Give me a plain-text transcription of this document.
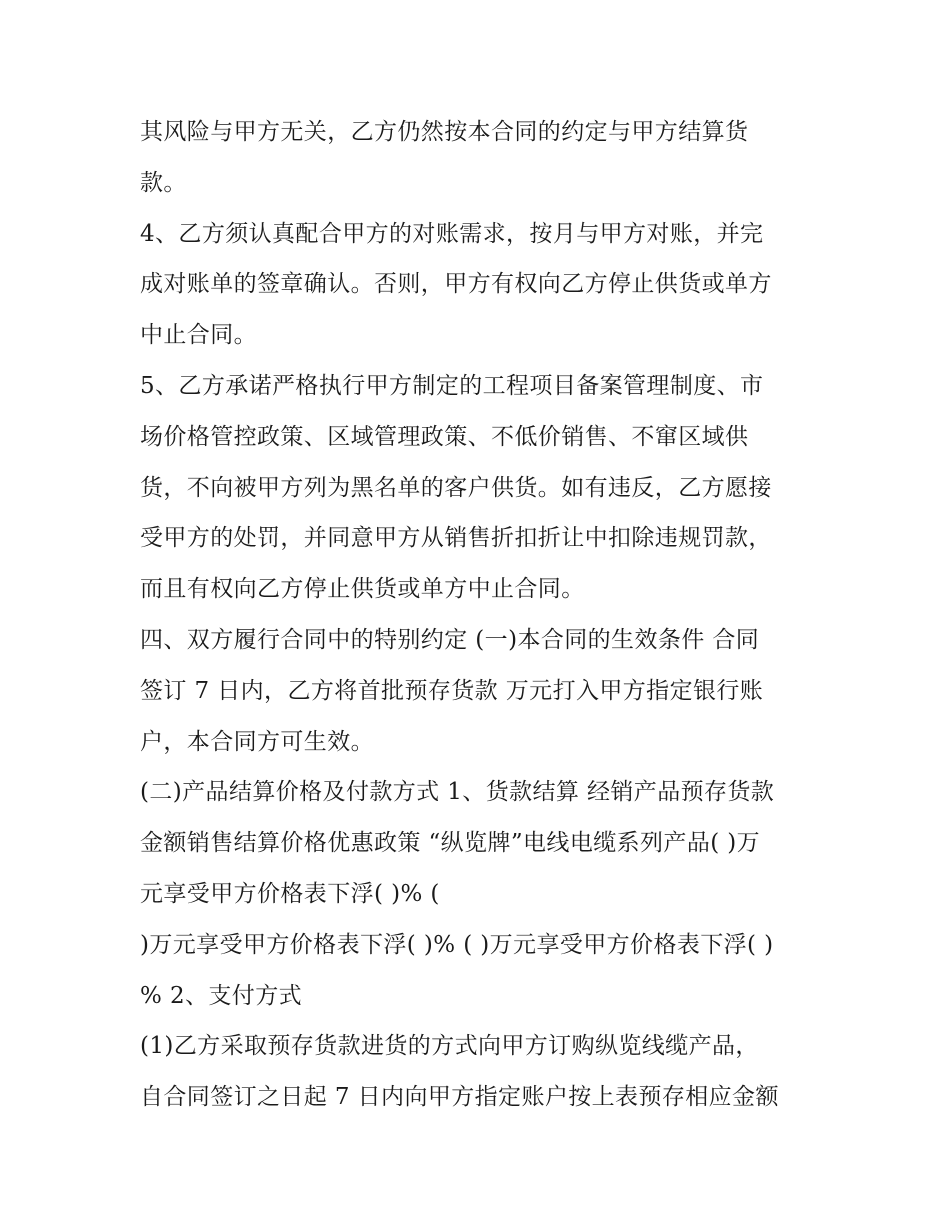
其风险与甲方无关，乙方仍然按本合同的约定与甲方结算货
款。
4、乙方须认真配合甲方的对账需求，按月与甲方对账，并完
成对账单的签章确认。否则，甲方有权向乙方停止供货或单方
中止合同。
5、乙方承诺严格执行甲方制定的工程项目备案管理制度、市
场价格管控政策、区域管理政策、不低价销售、不窜区域供
货，不向被甲方列为黑名单的客户供货。如有违反，乙方愿接
受甲方的处罚，并同意甲方从销售折扣折让中扣除违规罚款，
而且有权向乙方停止供货或单方中止合同。
四、双方履行合同中的特别约定 (一)本合同的生效条件 合同
签订 7 日内，乙方将首批预存货款 万元打入甲方指定银行账
户，本合同方可生效。
(二)产品结算价格及付款方式 1、货款结算 经销产品预存货款
金额销售结算价格优惠政策 “纵览牌”电线电缆系列产品( )万
元享受甲方价格表下浮( )% (
)万元享受甲方价格表下浮( )% ( )万元享受甲方价格表下浮( )
% 2、支付方式
(1)乙方采取预存货款进货的方式向甲方订购纵览线缆产品，
自合同签订之日起 7 日内向甲方指定账户按上表预存相应金额
